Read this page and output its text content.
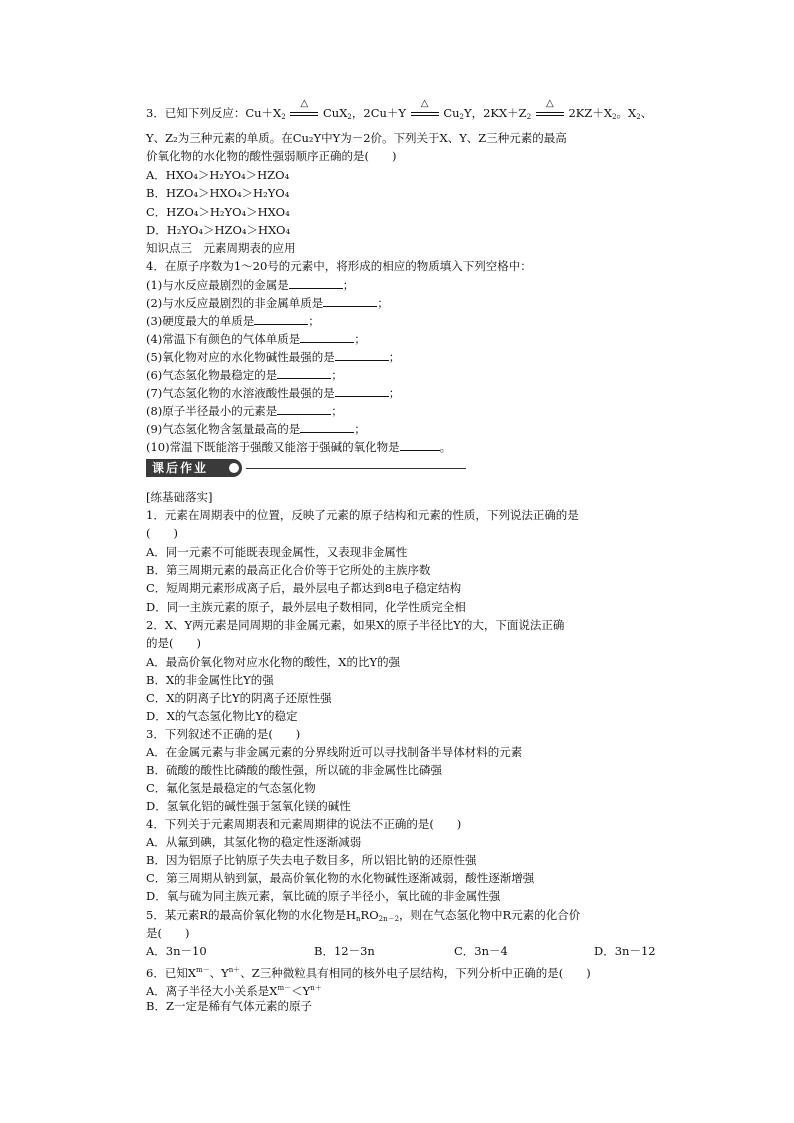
3．已知下列反应：$Cu+X_2$
△
CuX$_2$，2Cu＋Y
△
$Cu_2Y$，$2KX+Z_2$
△
$2KZ+X_2$。$X_2$、
Y、Z₂为三种元素的单质。在Cu₂Y中Y为－2价。下列关于X、Y、Z三种元素的最高
价氧化物的水化物的酸性强弱顺序正确的是(　　)
A．HXO₄＞H₂YO₄＞HZO₄
B．HZO₄＞HXO₄＞H₂YO₄
C．HZO₄＞H₂YO₄＞HXO₄
D．H₂YO₄＞HZO₄＞HXO₄
知识点三　元素周期表的应用
4．在原子序数为1～20号的元素中，将形成的相应的物质填入下列空格中：
(1)与水反应最剧烈的金属是	；
(2)与水反应最剧烈的非金属单质是	；
(3)硬度最大的单质是	；
(4)常温下有颜色的气体单质是	；
(5)氧化物对应的水化物碱性最强的是	；
(6)气态氢化物最稳定的是	；
(7)气态氢化物的水溶液酸性最强的是	；
(8)原子半径最小的元素是	；
(9)气态氢化物含氢量最高的是	；
(10)常温下既能溶于强酸又能溶于强碱的氧化物是	。
课后作业
[练基础落实]
1．元素在周期表中的位置，反映了元素的原子结构和元素的性质，下列说法正确的是
(　　)
A．同一元素不可能既表现金属性，又表现非金属性
B．第三周期元素的最高正化合价等于它所处的主族序数
C．短周期元素形成离子后，最外层电子都达到8电子稳定结构
D．同一主族元素的原子，最外层电子数相同，化学性质完全相
2．X、Y两元素是同周期的非金属元素，如果X的原子半径比Y的大，下面说法正确
的是(　　)
A．最高价氧化物对应水化物的酸性，X的比Y的强
B．X的非金属性比Y的强
C．X的阴离子比Y的阴离子还原性强
D．X的气态氢化物比Y的稳定
3．下列叙述不正确的是(　　)
A．在金属元素与非金属元素的分界线附近可以寻找制备半导体材料的元素
B．硫酸的酸性比磷酸的酸性强，所以硫的非金属性比磷强
C．氟化氢是最稳定的气态氢化物
D．氢氧化铝的碱性强于氢氧化镁的碱性
4．下列关于元素周期表和元素周期律的说法不正确的是(　　)
A．从氟到碘，其氢化物的稳定性逐渐减弱
B．因为铝原子比钠原子失去电子数目多，所以铝比钠的还原性强
C．第三周期从钠到氯，最高价氧化物的水化物碱性逐渐减弱，酸性逐渐增强
D．氧与硫为同主族元素，氧比硫的原子半径小，氧比硫的非金属性强
5．某元素R的最高价氧化物的水化物是$H_nRO_{2n-2}$，则在气态氢化物中R元素的化合价
是(　　)
A．3n－10	B．12－3n	C．3n－4	D．3n－12
6．已知$X^{m-}$、$Y^{n+}$、Z三种微粒具有相同的核外电子层结构，下列分析中正确的是(　　)
A．离子半径大小关系是$X^{m-}<Y^{n+}$
B．Z一定是稀有气体元素的原子
